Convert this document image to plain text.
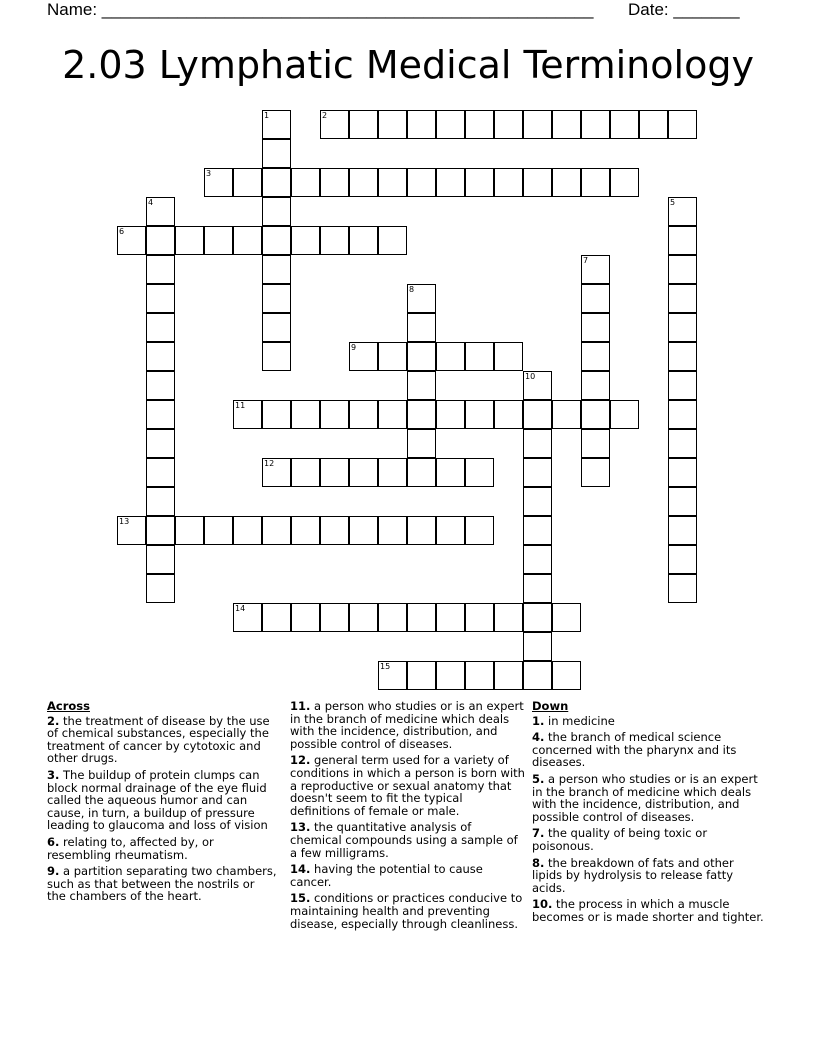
Name: ____________________________________________________ Date: _______
2.03 Lymphatic Medical Terminology
1	2
3
4	5
6
7
8
9
10
11
12
13
14
15
Across
2. the treatment of disease by the use of chemical substances, especially the treatment of cancer by cytotoxic and other drugs.
3. The buildup of protein clumps can block normal drainage of the eye fluid called the aqueous humor and can cause, in turn, a buildup of pressure leading to glaucoma and loss of vision
6. relating to, affected by, or resembling rheumatism.
9. a partition separating two chambers, such as that between the nostrils or the chambers of the heart.
11. a person who studies or is an expert in the branch of medicine which deals with the incidence, distribution, and possible control of diseases.
12. general term used for a variety of conditions in which a person is born with a reproductive or sexual anatomy that doesn't seem to fit the typical definitions of female or male.
13. the quantitative analysis of chemical compounds using a sample of a few milligrams.
14. having the potential to cause cancer.
15. conditions or practices conducive to maintaining health and preventing disease, especially through cleanliness.
Down
1. in medicine
4. the branch of medical science concerned with the pharynx and its diseases.
5. a person who studies or is an expert in the branch of medicine which deals with the incidence, distribution, and possible control of diseases.
7. the quality of being toxic or poisonous.
8. the breakdown of fats and other lipids by hydrolysis to release fatty acids.
10. the process in which a muscle becomes or is made shorter and tighter.
